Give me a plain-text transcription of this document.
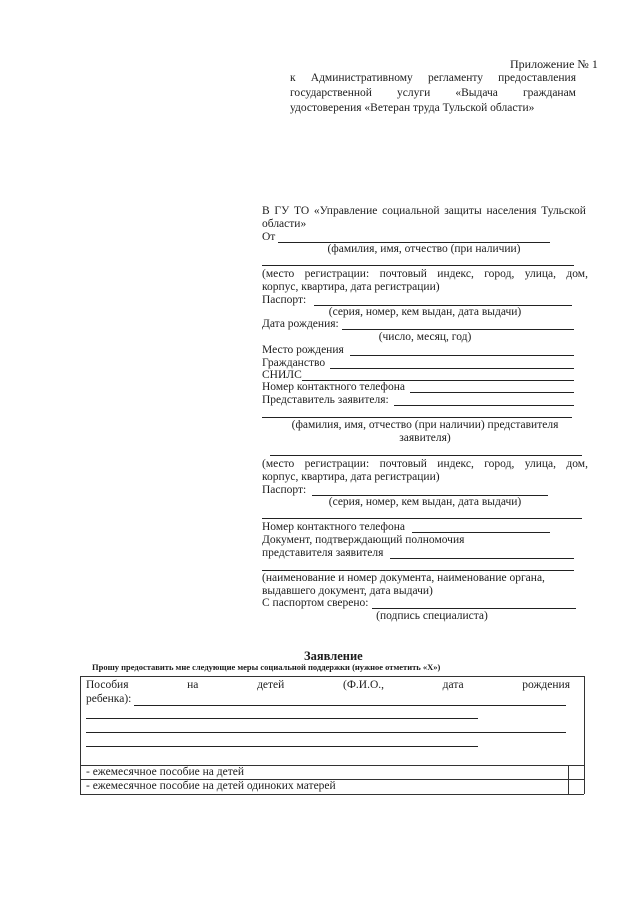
Приложение № 1
к Административному регламенту предоставления
государственной услуги «Выдача гражданам
удостоверения «Ветеран труда Тульской области»
В ГУ ТО «Управление социальной защиты населения Тульской
области»
От
(фамилия, имя, отчество (при наличии)
(место регистрации: почтовый индекс, город, улица, дом,
корпус, квартира, дата регистрации)
Паспорт:
(серия, номер, кем выдан, дата выдачи)
Дата рождения:
(число, месяц, год)
Место рождения
Гражданство
СНИЛС
Номер контактного телефона
Представитель заявителя:
(фамилия, имя, отчество (при наличии) представителя
заявителя)
(место регистрации: почтовый индекс, город, улица, дом,
корпус, квартира, дата регистрации)
Паспорт:
(серия, номер, кем выдан, дата выдачи)
Номер контактного телефона
Документ, подтверждающий полномочия
представителя заявителя
(наименование и номер документа, наименование органа,
выдавшего документ, дата выдачи)
С паспортом сверено:
(подпись специалиста)
Заявление
Прошу предоставить мне следующие меры социальной поддержки (нужное отметить «Х»)
Пособия	на	детей	(Ф.И.О.,	дата	рождения
ребенка):
- ежемесячное пособие на детей
- ежемесячное пособие на детей одиноких матерей
